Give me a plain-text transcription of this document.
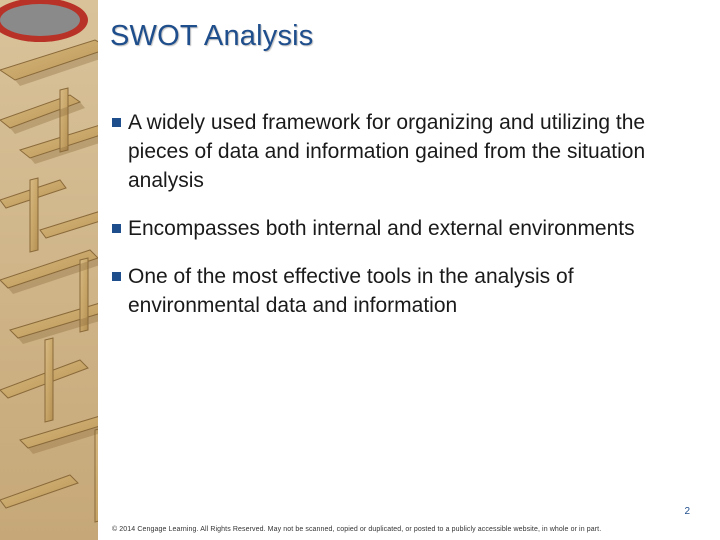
SWOT Analysis
A widely used framework for organizing and utilizing the pieces of data and information gained from the situation analysis
Encompasses both internal and external environments
One of the most effective tools in the analysis of environmental data and information
2
© 2014 Cengage Learning. All Rights Reserved. May not be scanned, copied or duplicated, or posted to a publicly accessible website, in whole or in part.
